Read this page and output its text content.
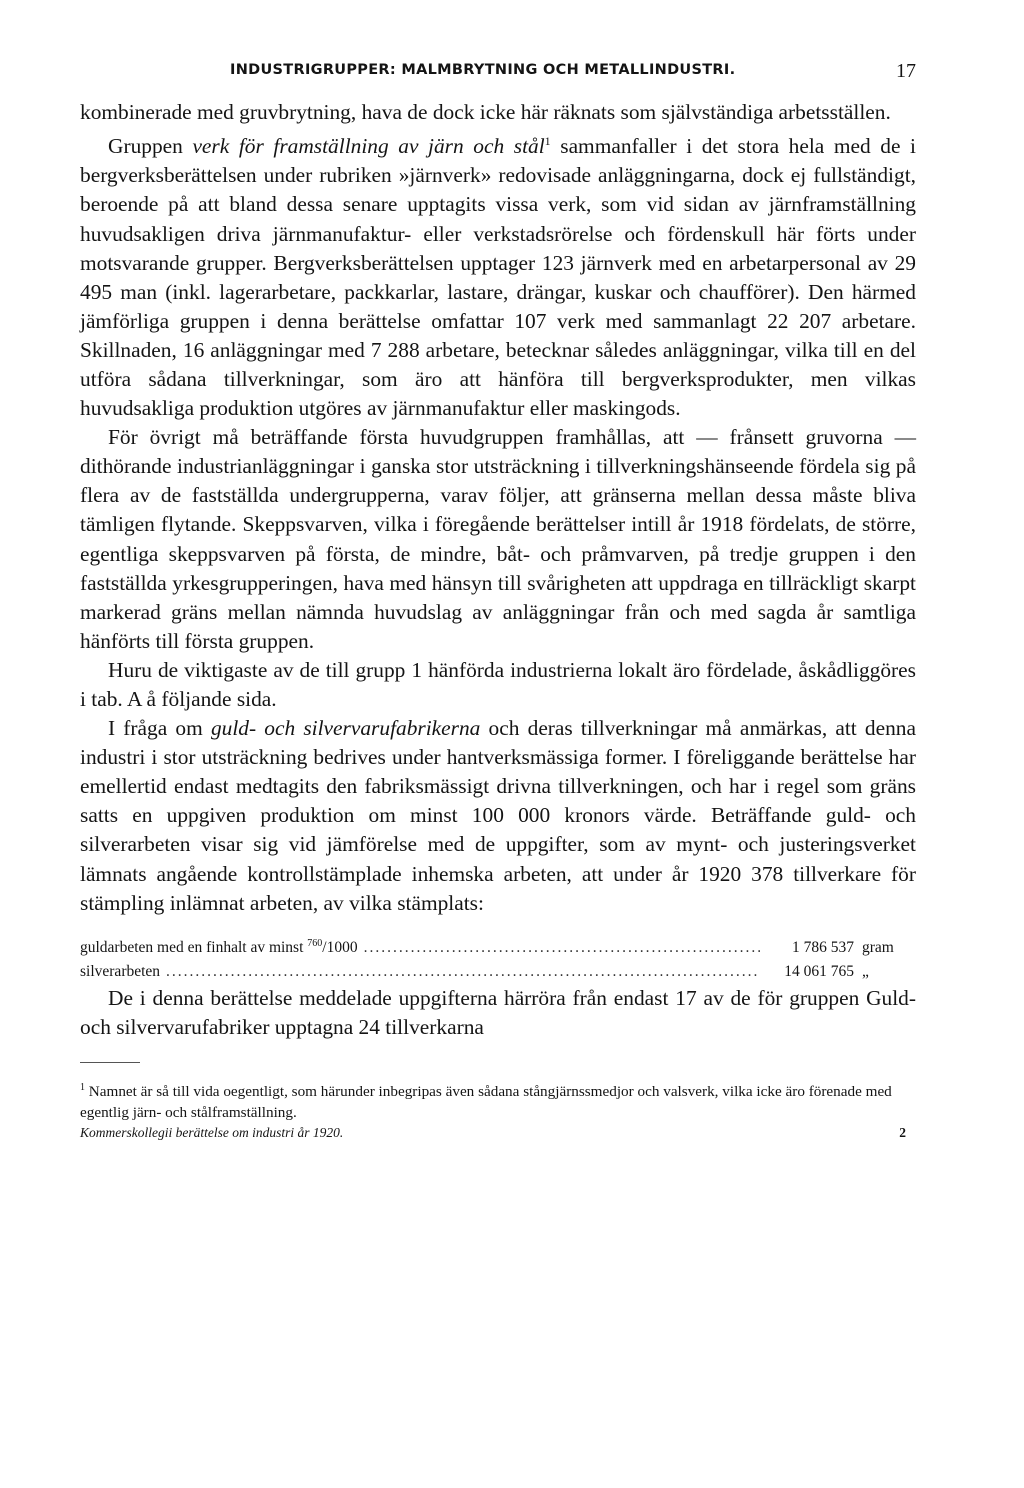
INDUSTRIGRUPPER: MALMBRYTNING OCH METALLINDUSTRI.	17

kombinerade med gruvbrytning, hava de dock icke här räknats som självständiga arbetsställen.

Gruppen verk för framställning av järn och stål$^1$ sammanfaller i det stora hela med de i bergverksberättelsen under rubriken »järnverk» redovisade anläggningarna, dock ej fullständigt, beroende på att bland dessa senare upptagits vissa verk, som vid sidan av järnframställning huvudsakligen driva järnmanufaktur- eller verkstadsrörelse och fördenskull här förts under motsvarande grupper. Bergverksberättelsen upptager 123 järnverk med en arbetarpersonal av 29 495 man (inkl. lagerarbetare, packkarlar, lastare, drängar, kuskar och chaufförer). Den härmed jämförliga gruppen i denna berättelse omfattar 107 verk med sammanlagt 22 207 arbetare. Skillnaden, 16 anläggningar med 7 288 arbetare, betecknar således anläggningar, vilka till en del utföra sådana tillverkningar, som äro att hänföra till bergverksprodukter, men vilkas huvudsakliga produktion utgöres av järnmanufaktur eller maskingods.

För övrigt må beträffande första huvudgruppen framhållas, att — frånsett gruvorna — dithörande industrianläggningar i ganska stor utsträckning i tillverkningshänseende fördela sig på flera av de fastställda undergrupperna, varav följer, att gränserna mellan dessa måste bliva tämligen flytande. Skeppsvarven, vilka i föregående berättelser intill år 1918 fördelats, de större, egentliga skeppsvarven på första, de mindre, båt- och pråmvarven, på tredje gruppen i den fastställda yrkesgrupperingen, hava med hänsyn till svårigheten att uppdraga en tillräckligt skarpt markerad gräns mellan nämnda huvudslag av anläggningar från och med sagda år samtliga hänförts till första gruppen.

Huru de viktigaste av de till grupp 1 hänförda industrierna lokalt äro fördelade, åskådliggöres i tab. A å följande sida.

I fråga om guld- och silvervarufabrikerna och deras tillverkningar må anmärkas, att denna industri i stor utsträckning bedrives under hantverksmässiga former. I föreliggande berättelse har emellertid endast medtagits den fabriksmässigt drivna tillverkningen, och har i regel som gräns satts en uppgiven produktion om minst 100 000 kronors värde. Beträffande guld- och silverarbeten visar sig vid jämförelse med de uppgifter, som av mynt- och justeringsverket lämnats angående kontrollstämplade inhemska arbeten, att under år 1920 378 tillverkare för stämpling inlämnat arbeten, av vilka stämplats:

guldarbeten med en finhalt av minst $^{760}$/1000 .....	1 786 537 gram
silverarbeten .....	14 061 765 „

De i denna berättelse meddelade uppgifterna härröra från endast 17 av de för gruppen Guld- och silvervarufabriker upptagna 24 tillverkarna

$^1$ Namnet är så till vida oegentligt, som härunder inbegripas även sådana stångjärnssmedjor och valsverk, vilka icke äro förenade med egentlig järn- och stålframställning.
Kommerskollegii berättelse om industri år 1920.	2
